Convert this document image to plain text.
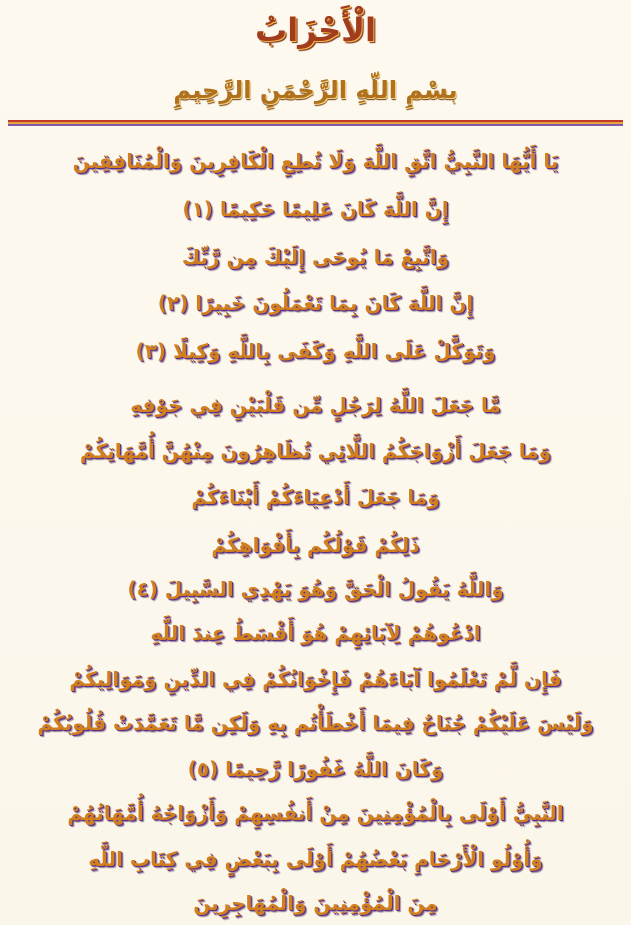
الْأَحْزَابُ
بسْمِ اللّهِ الرَّحْمَنِ الرَّحِيمِ
يَا أَيُّهَا النَّبِيُّ اتَّقِ اللَّهَ وَلَا تُطِعِ الْكَافِرِينَ وَالْمُنَافِقِينَ
إِنَّ اللَّهَ كَانَ عَلِيمًا حَكِيمًا (١)
وَاتَّبِعْ مَا يُوحَى إِلَيْكَ مِن رَّبِّكَ
إِنَّ اللَّهَ كَانَ بِمَا تَعْمَلُونَ خَبِيرًا (٢)
وَتَوَكَّلْ عَلَى اللَّهِ وَكَفَى بِاللَّهِ وَكِيلًا (٣)
مَّا جَعَلَ اللَّهُ لِرَجُلٍ مِّن قَلْبَيْنِ فِي جَوْفِهِ
وَمَا جَعَلَ أَزْوَاجَكُمُ اللَّائِي تُظَاهِرُونَ مِنْهُنَّ أُمَّهَاتِكُمْ
وَمَا جَعَلَ أَدْعِيَاءَكُمْ أَبْنَاءَكُمْ
ذَلِكُمْ قَوْلُكُم بِأَفْوَاهِكُمْ
وَاللَّهُ يَقُولُ الْحَقَّ وَهُوَ يَهْدِي السَّبِيلَ (٤)
ادْعُوهُمْ لِآبَائِهِمْ هُوَ أَقْسَطُ عِندَ اللَّهِ
فَإِن لَّمْ تَعْلَمُوا آبَاءَهُمْ فَإِخْوَانُكُمْ فِي الدِّينِ وَمَوَالِيكُمْ
وَلَيْسَ عَلَيْكُمْ جُنَاحٌ فِيمَا أَخْطَأْتُم بِهِ وَلَكِن مَّا تَعَمَّدَتْ قُلُوبُكُمْ
وَكَانَ اللَّهُ غَفُورًا رَّحِيمًا (٥)
النَّبِيُّ أَوْلَى بِالْمُؤْمِنِينَ مِنْ أَنفُسِهِمْ وَأَزْوَاجُهُ أُمَّهَاتُهُمْ
وَأُوْلُو الْأَرْحَامِ بَعْضُهُمْ أَوْلَى بِبَعْضٍ فِي كِتَابِ اللَّهِ
مِنَ الْمُؤْمِنِينَ وَالْمُهَاجِرِينَ
